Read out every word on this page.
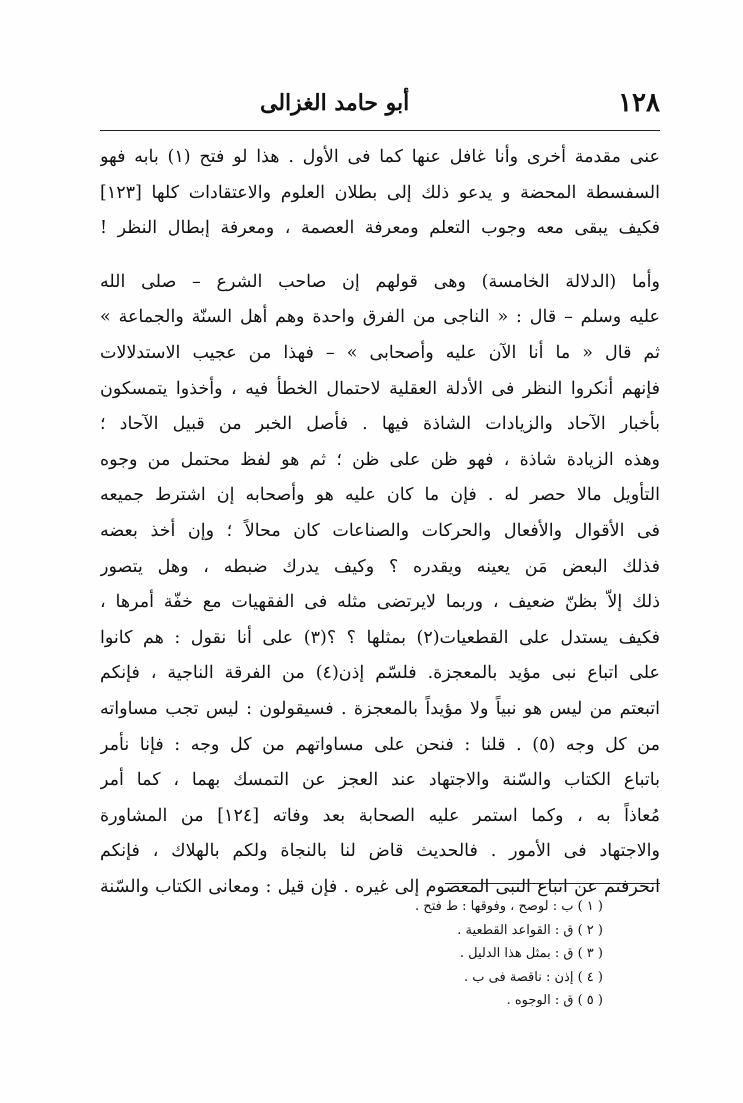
١٢٨
أبو حامد الغزالى
عنى مقدمة أخرى وأنا غافل عنها كما فى الأول . هذا لو فتح (١) بابه فهو
السفسطة المحضة و يدعو ذلك إلى بطلان العلوم والاعتقادات كلها [١٢٣]
فكيف يبقى معه وجوب التعلم ومعرفة العصمة ، ومعرفة إبطال النظر !
وأما (الدلالة الخامسة) وهى قولهم إن صاحب الشرع – صلى الله
عليه وسلم – قال : « الناجى من الفرق واحدة وهم أهل السنّة والجماعة »
ثم قال « ما أنا الآن عليه وأصحابى » – فهذا من عجيب الاستدلالات
فإنهم أنكروا النظر فى الأدلة العقلية لاحتمال الخطأ فيه ، وأخذوا يتمسكون
بأخبار الآحاد والزيادات الشاذة فيها . فأصل الخبر من قبيل الآحاد ؛
وهذه الزيادة شاذة ، فهو ظن على ظن ؛ ثم هو لفظ محتمل من وجوه
التأويل مالا حصر له . فإن ما كان عليه هو وأصحابه إن اشترط جميعه
فى الأقوال والأفعال والحركات والصناعات كان محالاً ؛ وإن أخذ بعضه
فذلك البعض مَن يعينه ويقدره ؟ وكيف يدرك ضبطه ، وهل يتصور
ذلك إلاّ بظنّ ضعيف ، وربما لايرتضى مثله فى الفقهيات مع خفّة أمرها ،
فكيف يستدل على القطعيات(٢) بمثلها ؟ ؟(٣) على أنا نقول : هم كانوا
على اتباع نبى مؤيد بالمعجزة. فلسّم إذن(٤) من الفرقة الناجية ، فإنكم
اتبعتم من ليس هو نبياً ولا مؤيداً بالمعجزة . فسيقولون : ليس تجب مساواته
من كل وجه (٥) . قلنا : فنحن على مساواتهم من كل وجه : فإنا نأمر
باتباع الكتاب والسّنة والاجتهاد عند العجز عن التمسك بهما ، كما أمر
مُعاذاً به ، وكما استمر عليه الصحابة بعد وفاته [١٢٤] من المشاورة
والاجتهاد فى الأمور . فالحديث قاض لنا بالنجاة ولكم بالهلاك ، فإنكم
انحرفتم عن اتباع النبى المعصوم إلى غيره . فإن قيل : ومعانى الكتاب والسّنة
( ١ ) ب : لوصح ، وفوقها : ط فتح .
( ٢ ) ق : القواعد القطعية .
( ٣ ) ق : بمثل هذا الدليل .
( ٤ ) إذن : ناقصة فى ب .
( ٥ ) ق : الوجوه .
